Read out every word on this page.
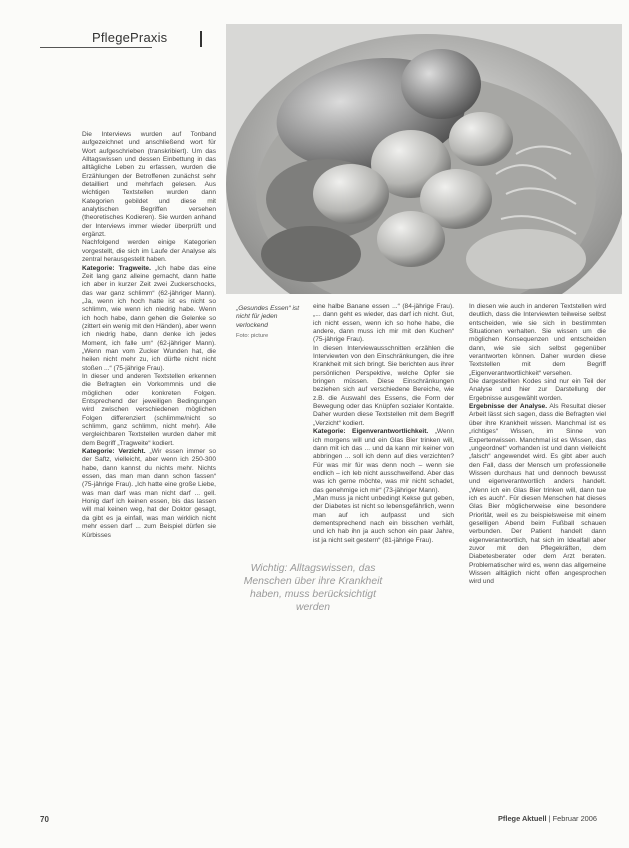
PflegePraxis
„Gesundes Essen“ ist nicht für jeden verlockend
Foto: picture

Die Interviews wurden auf Tonband aufgezeichnet und anschließend wort für Wort aufgeschrieben (transkribiert). Um das Alltagswissen und dessen Einbettung in das alltägliche Leben zu erfassen, wurden die Erzählungen der Betroffenen zunächst sehr detailliert und mehrfach gelesen. Aus wichtigen Textstellen wurden dann Kategorien gebildet und diese mit analytischen Begriffen versehen (theoretisches Kodieren). Sie wurden anhand der Interviews immer wieder überprüft und ergänzt.

Nachfolgend werden einige Kategorien vorgestellt, die sich im Laufe der Analyse als zentral herausgestellt haben.

Kategorie: Tragweite. „Ich habe das eine Zeit lang ganz alleine gemacht, dann hatte ich aber in kurzer Zeit zwei Zuckerschocks, das war ganz schlimm“ (62-jähriger Mann). „Ja, wenn ich hoch hatte ist es nicht so schlimm, wie wenn ich niedrig habe. Wenn ich hoch habe, dann gehen die Gelenke so (zittert ein wenig mit den Händen), aber wenn ich niedrig habe, dann denke ich jedes Moment, ich falle um“ (62-jähriger Mann). „Wenn man vom Zucker Wunden hat, die heilen nicht mehr zu, ich dürfte nicht nicht stoßen ...“ (75-jährige Frau).

In dieser und anderen Textstellen erkennen die Befragten ein Vorkommnis und die möglichen oder konkreten Folgen. Entsprechend der jeweiligen Bedingungen wird zwischen verschiedenen möglichen Folgen differenziert (schlimme/nicht so schlimm, ganz schlimm, nicht mehr). Alle vergleichbaren Textstellen wurden daher mit dem Begriff „Tragweite“ kodiert.

Kategorie: Verzicht. „Wir essen immer so der Saftz, vielleicht, aber wenn ich 250-300 habe, dann kannst du nichts mehr. Nichts essen, das man man dann schon fassen“ (75-jährige Frau). „Ich hatte eine große Liebe, was man darf was man nicht darf ... gell. Honig darf ich keinen essen, bis das lassen will mal keinen weg, hat der Doktor gesagt, da gibt es ja einfall, was man wirklich nicht mehr essen darf ... zum Beispiel dürfen sie Kürbisses

eine halbe Banane essen ...“ (84-jährige Frau). „... dann geht es wieder, das darf ich nicht. Gut, ich nicht essen, wenn ich so hohe habe, die andere, dann muss ich mir mit den Kuchen“ (75-jährige Frau).

In diesen Interviewausschnitten erzählen die Interviewten von den Einschränkungen, die ihre Krankheit mit sich bringt. Sie berichten aus ihrer persönlichen Perspektive, welche Opfer sie bringen müssen. Diese Einschränkungen beziehen sich auf verschiedene Bereiche, wie z.B. die Auswahl des Essens, die Form der Bewegung oder das Knüpfen sozialer Kontakte. Daher wurden diese Textstellen mit dem Begriff „Verzicht“ kodiert.

Kategorie: Eigenverantwortlichkeit. „Wenn ich morgens will und ein Glas Bier trinken will, dann mit ich das ... und da kann mir keiner von abbringen ... soll ich denn auf dies verzichten? Für was mir für was denn noch – wenn sie endlich – ich leb nicht ausschweifend. Aber das was ich gerne möchte, was mir nicht schadet, das genehmige ich mir“ (73-jähriger Mann).

„Man muss ja nicht unbedingt Kekse gut geben, der Diabetes ist nicht so lebensgefährlich, wenn man auf ich aufpasst und sich dementsprechend nach ein bisschen verhält, und ich hab ihn ja auch schon ein paar Jahre, ist ja nicht seit gestern“ (81-jährige Frau).

In diesen wie auch in anderen Textstellen wird deutlich, dass die Interviewten teilweise selbst entscheiden, wie sie sich in bestimmten Situationen verhalten. Sie wissen um die möglichen Konsequenzen und entscheiden dann, wie sie sich selbst gegenüber verantworten können. Daher wurden diese Textstellen mit dem Begriff „Eigenverantwortlichkeit“ versehen.

Die dargestellten Kodes sind nur ein Teil der Analyse und hier zur Darstellung der Ergebnisse ausgewählt worden.

Ergebnisse der Analyse. Als Resultat dieser Arbeit lässt sich sagen, dass die Befragten viel über ihre Krankheit wissen. Manchmal ist es „richtiges“ Wissen, im Sinne von Expertenwissen. Manchmal ist es Wissen, das „ungeordnet“ vorhanden ist und dann vielleicht „falsch“ angewendet wird. Es gibt aber auch den Fall, dass der Mensch um professionelle Wissen durchaus hat und dennoch bewusst und eigenverantwortlich anders handelt. „Wenn ich ein Glas Bier trinken will, dann tue ich es auch“. Für diesen Menschen hat dieses Glas Bier möglicherweise eine besondere Priorität, weil es zu beispielsweise mit einem geselligen Abend beim Fußball schauen verbunden. Der Patient handelt dann eigenverantwortlich, hat sich im Idealfall aber zuvor mit den Pflegekräften, dem Diabetesberater oder dem Arzt beraten. Problematischer wird es, wenn das allgemeine Wissen alltäglich nicht offen angesprochen wird und

Wichtig: Alltagswissen, das Menschen über ihre Krankheit haben, muss berücksichtigt werden
70	Pflege Aktuell | Februar 2006
